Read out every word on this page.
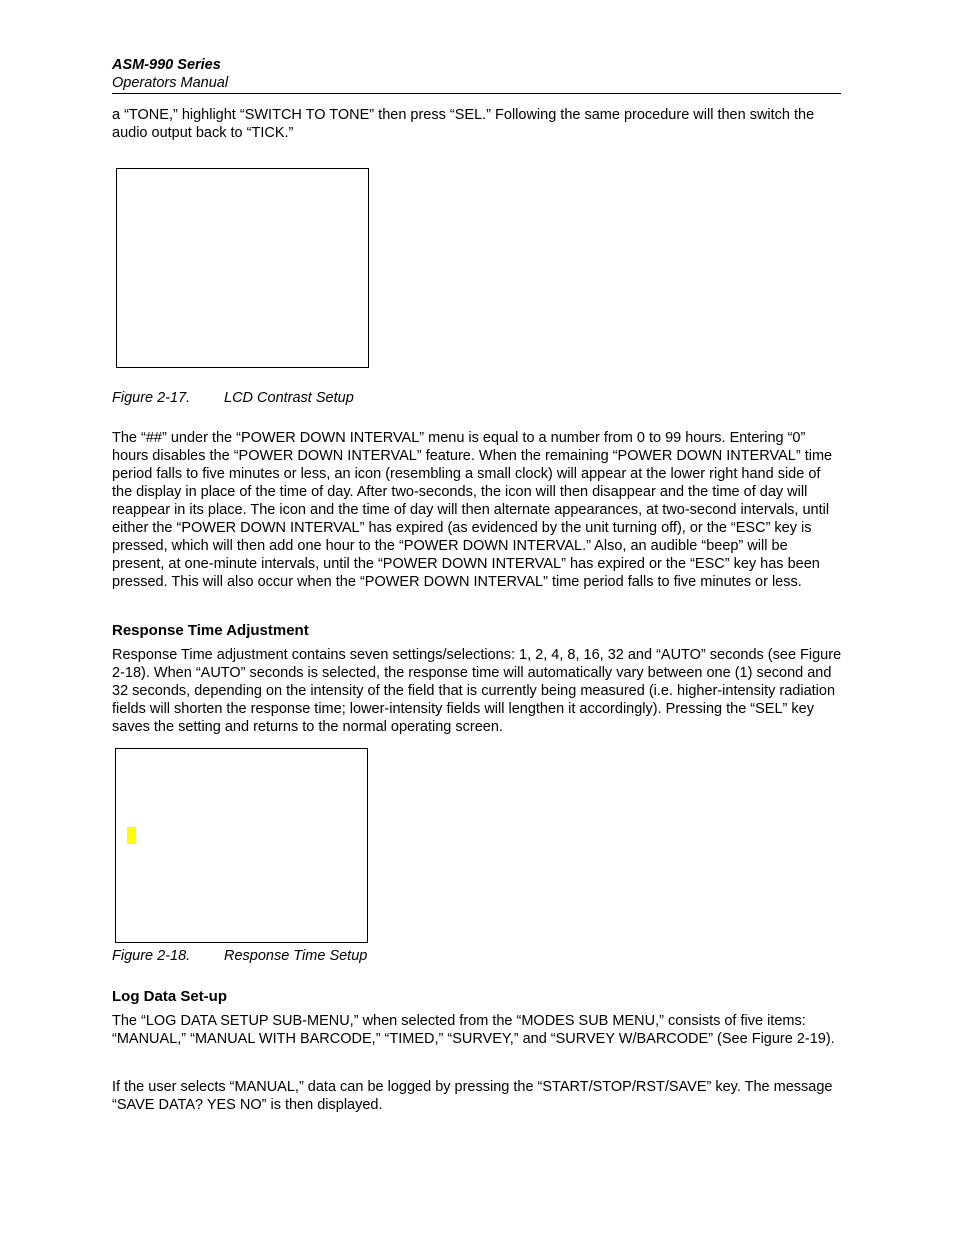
ASM-990 Series
Operators Manual

a “TONE,” highlight “SWITCH TO TONE” then press “SEL.” Following the same procedure will then switch the audio output back to “TICK.”

Figure 2-17. LCD Contrast Setup

The “##” under the “POWER DOWN INTERVAL” menu is equal to a number from 0 to 99 hours. Entering “0” hours disables the “POWER DOWN INTERVAL” feature. When the remaining “POWER DOWN INTERVAL” time period falls to five minutes or less, an icon (resembling a small clock) will appear at the lower right hand side of the display in place of the time of day. After two-seconds, the icon will then disappear and the time of day will reappear in its place. The icon and the time of day will then alternate appearances, at two-second intervals, until either the “POWER DOWN INTERVAL” has expired (as evidenced by the unit turning off), or the “ESC” key is pressed, which will then add one hour to the “POWER DOWN INTERVAL.” Also, an audible “beep” will be present, at one-minute intervals, until the “POWER DOWN INTERVAL” has expired or the “ESC” key has been pressed. This will also occur when the “POWER DOWN INTERVAL” time period falls to five minutes or less.

Response Time Adjustment

Response Time adjustment contains seven settings/selections: 1, 2, 4, 8, 16, 32 and “AUTO” seconds (see Figure 2-18). When “AUTO” seconds is selected, the response time will automatically vary between one (1) second and 32 seconds, depending on the intensity of the field that is currently being measured (i.e. higher-intensity radiation fields will shorten the response time; lower-intensity fields will lengthen it accordingly). Pressing the “SEL” key saves the setting and returns to the normal operating screen.

Figure 2-18. Response Time Setup
Log Data Set-up

The “LOG DATA SETUP SUB-MENU,” when selected from the “MODES SUB MENU,” consists of five items: “MANUAL,” “MANUAL WITH BARCODE,” “TIMED,” “SURVEY,” and “SURVEY W/BARCODE” (See Figure 2-19).

If the user selects “MANUAL,” data can be logged by pressing the “START/STOP/RST/SAVE” key. The message “SAVE DATA? YES NO” is then displayed.
